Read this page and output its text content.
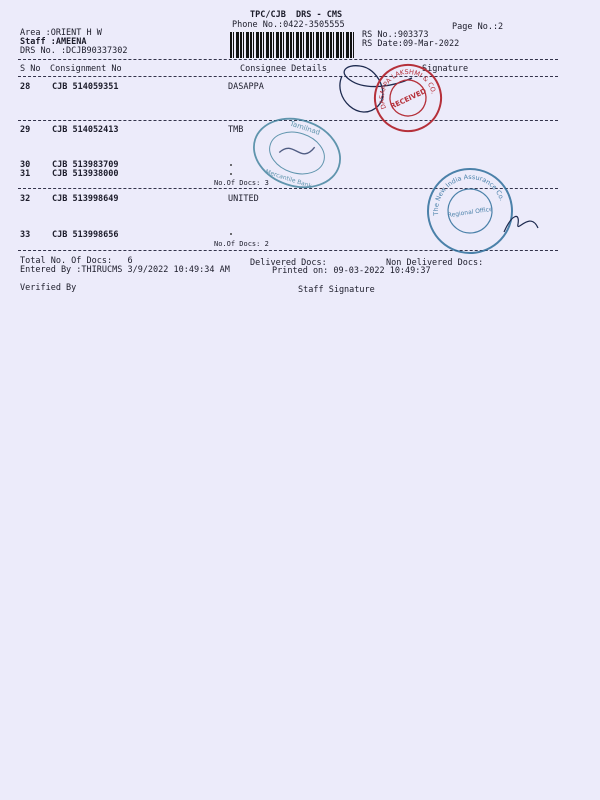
TPC/CJB  DRS - CMS
Phone No.:0422-3505555	Page No.:2
Area :ORIENT H W
Staff :AMEENA
DRS No. :DCJB90337302
RS No.:903373
RS Date:09-Mar-2022
S No Consignment No	Consignee Details	Signature
28	CJB 514059351	DASAPPA
29	CJB 514052413	TMB
30	CJB 513983709
31	CJB 513938000
No.Of Docs: 3
32	CJB 513998649	UNITED
33	CJB 513998656
No.Of Docs: 2
Total No. Of Docs:   6	Delivered Docs:	Non Delivered Docs:
Entered By :THIRUCMS 3/9/2022 10:49:34 AM	Printed on: 09-03-2022 10:49:37
Verified By	Staff Signature
DASAPPA LAKSHMI & CO.
RECEIVED
Tamilnad
Mercantile Bank
The New India Assurance Co.
Regional Office
